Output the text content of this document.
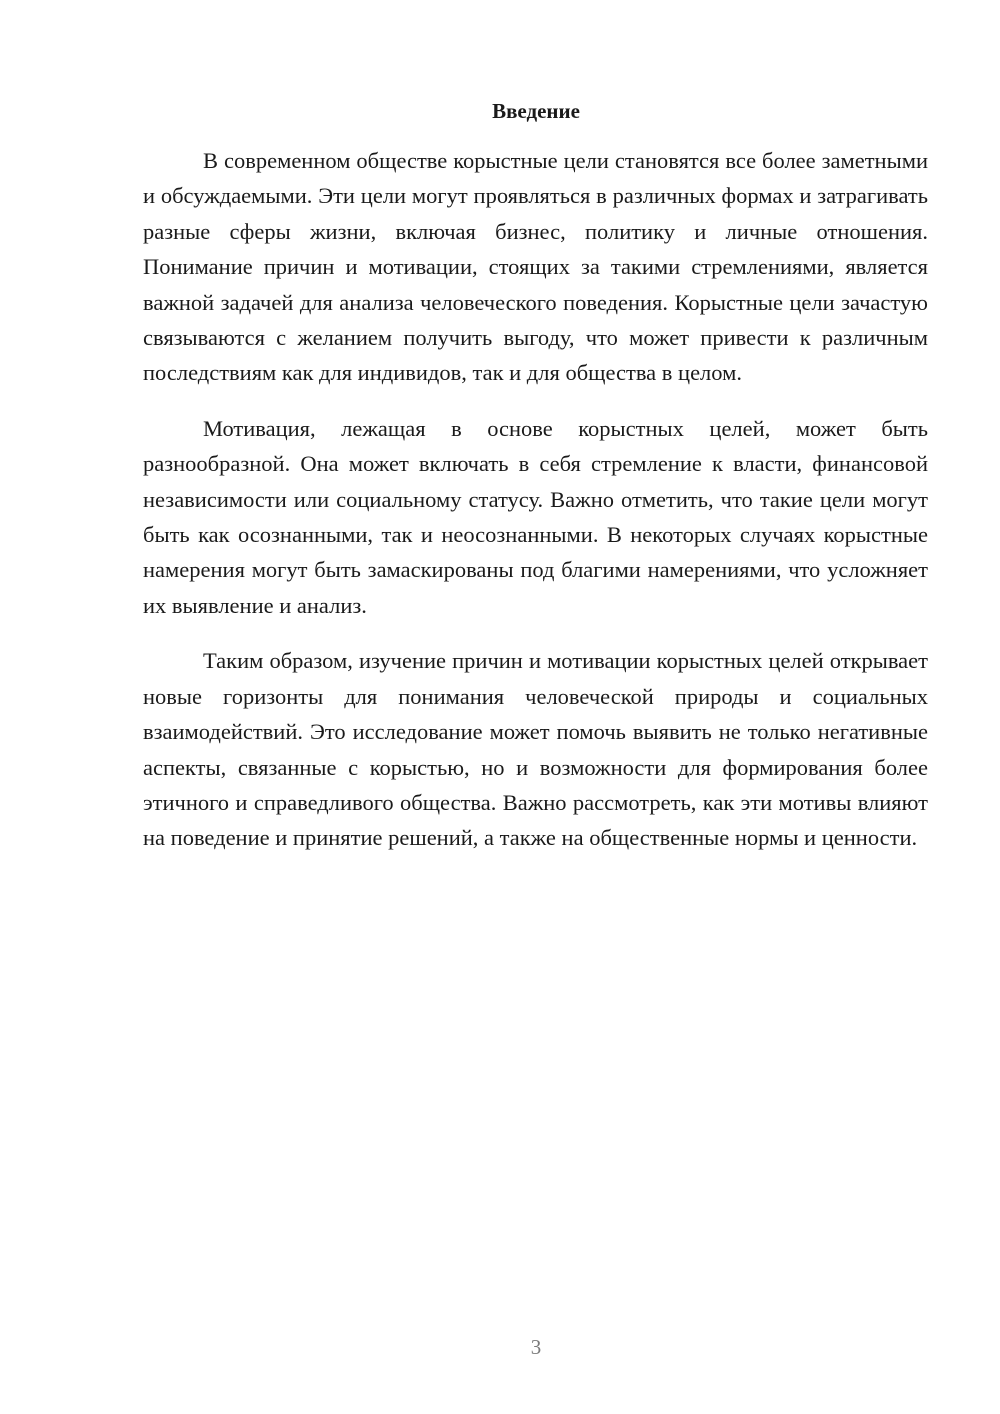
Введение

В современном обществе корыстные цели становятся все более заметными и обсуждаемыми. Эти цели могут проявляться в различных формах и затрагивать разные сферы жизни, включая бизнес, политику и личные отношения. Понимание причин и мотивации, стоящих за такими стремлениями, является важной задачей для анализа человеческого поведения. Корыстные цели зачастую связываются с желанием получить выгоду, что может привести к различным последствиям как для индивидов, так и для общества в целом.

Мотивация, лежащая в основе корыстных целей, может быть разнообразной. Она может включать в себя стремление к власти, финансовой независимости или социальному статусу. Важно отметить, что такие цели могут быть как осознанными, так и неосознанными. В некоторых случаях корыстные намерения могут быть замаскированы под благими намерениями, что усложняет их выявление и анализ.

Таким образом, изучение причин и мотивации корыстных целей открывает новые горизонты для понимания человеческой природы и социальных взаимодействий. Это исследование может помочь выявить не только негативные аспекты, связанные с корыстью, но и возможности для формирования более этичного и справедливого общества. Важно рассмотреть, как эти мотивы влияют на поведение и принятие решений, а также на общественные нормы и ценности.

3
